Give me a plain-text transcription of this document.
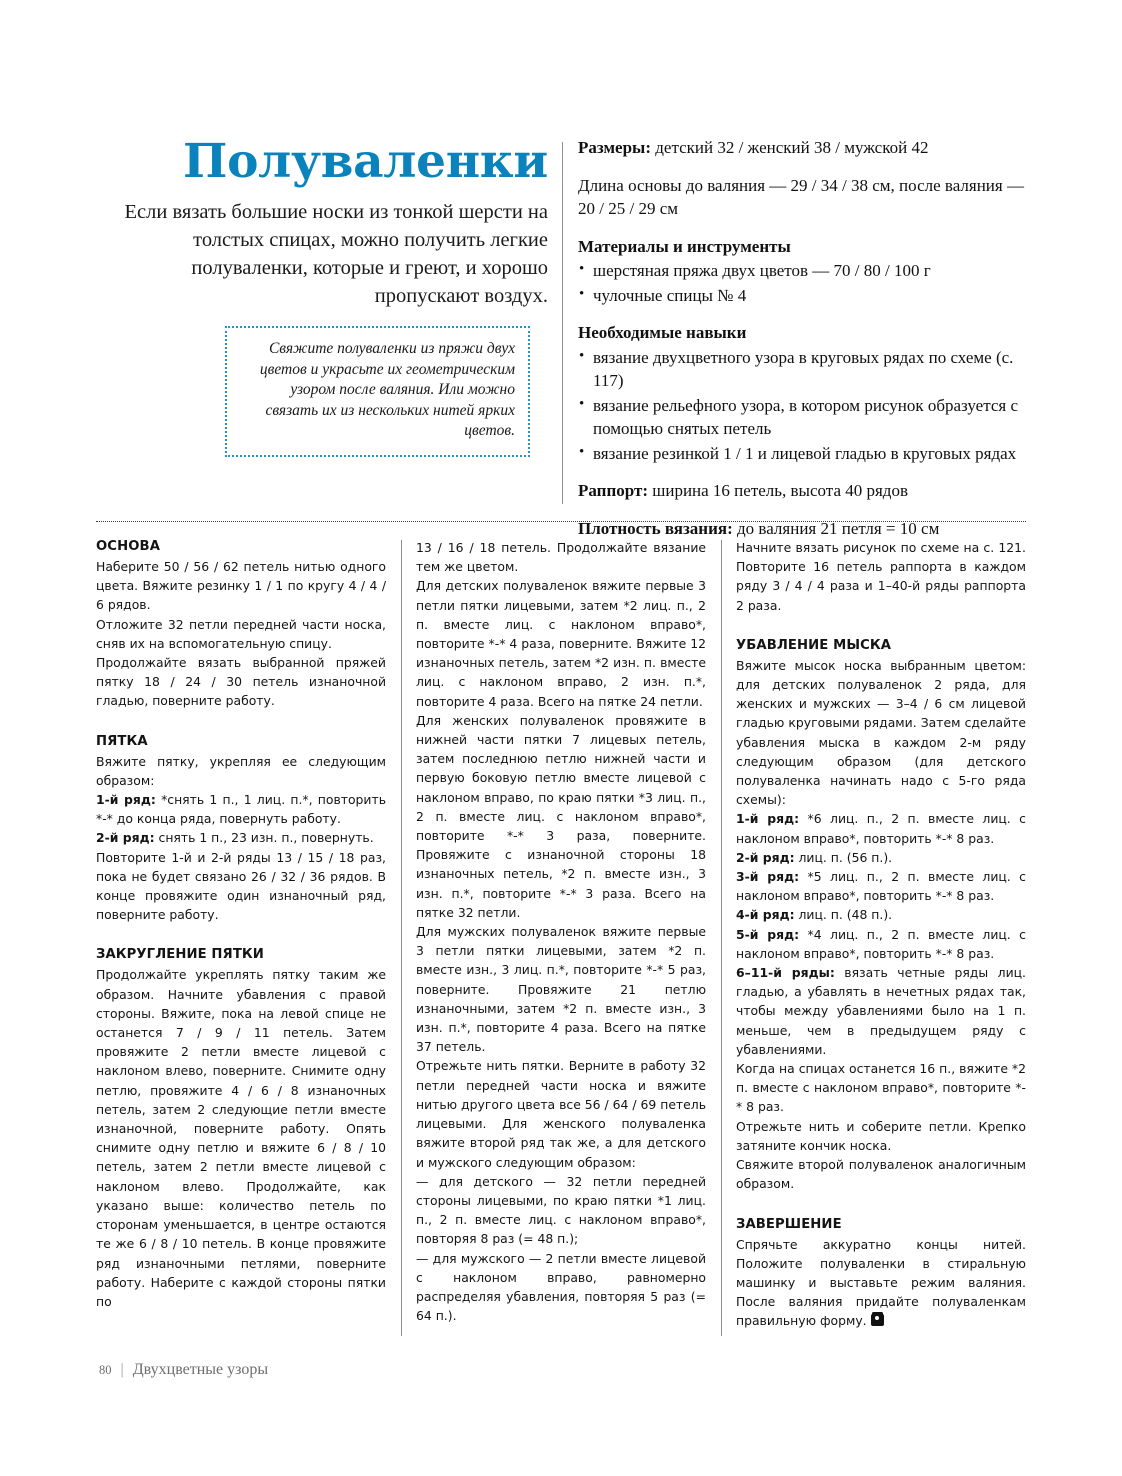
Полуваленки

Если вязать большие носки из тонкой шерсти на толстых спицах, можно получить легкие полуваленки, которые и греют, и хорошо пропускают воздух.

Свяжите полуваленки из пряжи двух цветов и украсьте их геометрическим узором после валяния. Или можно связать их из нескольких нитей ярких цветов.

Размеры: детский 32 / женский 38 / мужской 42

Длина основы до валяния — 29 / 34 / 38 см, после валяния — 20 / 25 / 29 см

Материалы и инструменты

• шерстяная пряжа двух цветов — 70 / 80 / 100 г
• чулочные спицы № 4

Необходимые навыки

• вязание двухцветного узора в круговых рядах по схеме (с. 117)
• вязание рельефного узора, в котором рисунок образуется с помощью снятых петель
• вязание резинкой 1 / 1 и лицевой гладью в круговых рядах

Раппорт: ширина 16 петель, высота 40 рядов

Плотность вязания: до валяния 21 петля = 10 см

ОСНОВА

Наберите 50 / 56 / 62 петель нитью одного цвета. Вяжите резинку 1 / 1 по кругу 4 / 4 / 6 рядов.

Отложите 32 петли передней части носка, сняв их на вспомогательную спицу.

Продолжайте вязать выбранной пряжей пятку 18 / 24 / 30 петель изнаночной гладью, поверните работу.

ПЯТКА

Вяжите пятку, укрепляя ее следующим образом:

1-й ряд: *снять 1 п., 1 лиц. п.*, повторить *-* до конца ряда, повернуть работу.

2-й ряд: снять 1 п., 23 изн. п., повернуть.

Повторите 1-й и 2-й ряды 13 / 15 / 18 раз, пока не будет связано 26 / 32 / 36 рядов. В конце провяжите один изнаночный ряд, поверните работу.

ЗАКРУГЛЕНИЕ ПЯТКИ

Продолжайте укреплять пятку таким же образом. Начните убавления с правой стороны. Вяжите, пока на левой спице не останется 7 / 9 / 11 петель. Затем провяжите 2 петли вместе лицевой с наклоном влево, поверните. Снимите одну петлю, провяжите 4 / 6 / 8 изнаночных петель, затем 2 следующие петли вместе изнаночной, поверните работу. Опять снимите одну петлю и вяжите 6 / 8 / 10 петель, затем 2 петли вместе лицевой с наклоном влево. Продолжайте, как указано выше: количество петель по сторонам уменьшается, в центре остаются те же 6 / 8 / 10 петель. В конце провяжите ряд изнаночными петлями, поверните работу. Наберите с каждой стороны пятки по

13 / 16 / 18 петель. Продолжайте вязание тем же цветом.

Для детских полуваленок вяжите первые 3 петли пятки лицевыми, затем *2 лиц. п., 2 п. вместе лиц. с наклоном вправо*, повторите *-* 4 раза, поверните. Вяжите 12 изнаночных петель, затем *2 изн. п. вместе лиц. с наклоном вправо, 2 изн. п.*, повторите 4 раза. Всего на пятке 24 петли.

Для женских полуваленок провяжите в нижней части пятки 7 лицевых петель, затем последнюю петлю нижней части и первую боковую петлю вместе лицевой с наклоном вправо, по краю пятки *3 лиц. п., 2 п. вместе лиц. с наклоном вправо*, повторите *-* 3 раза, поверните. Провяжите с изнаночной стороны 18 изнаночных петель, *2 п. вместе изн., 3 изн. п.*, повторите *-* 3 раза. Всего на пятке 32 петли.

Для мужских полуваленок вяжите первые 3 петли пятки лицевыми, затем *2 п. вместе изн., 3 лиц. п.*, повторите *-* 5 раз, поверните. Провяжите 21 петлю изнаночными, затем *2 п. вместе изн., 3 изн. п.*, повторите 4 раза. Всего на пятке 37 петель.

Отрежьте нить пятки. Верните в работу 32 петли передней части носка и вяжите нитью другого цвета все 56 / 64 / 69 петель лицевыми. Для женского полуваленка вяжите второй ряд так же, а для детского и мужского следующим образом:

— для детского — 32 петли передней стороны лицевыми, по краю пятки *1 лиц. п., 2 п. вместе лиц. с наклоном вправо*, повторяя 8 раз (= 48 п.);

— для мужского — 2 петли вместе лицевой с наклоном вправо, равномерно распределяя убавления, повторяя 5 раз (= 64 п.).

Начните вязать рисунок по схеме на с. 121. Повторите 16 петель раппорта в каждом ряду 3 / 4 / 4 раза и 1–40-й ряды раппорта 2 раза.

УБАВЛЕНИЕ МЫСКА

Вяжите мысок носка выбранным цветом: для детских полуваленок 2 ряда, для женских и мужских — 3–4 / 6 см лицевой гладью круговыми рядами. Затем сделайте убавления мыска в каждом 2-м ряду следующим образом (для детского полуваленка начинать надо с 5-го ряда схемы):

1-й ряд: *6 лиц. п., 2 п. вместе лиц. с наклоном вправо*, повторить *-* 8 раз.

2-й ряд: лиц. п. (56 п.).

3-й ряд: *5 лиц. п., 2 п. вместе лиц. с наклоном вправо*, повторить *-* 8 раз.

4-й ряд: лиц. п. (48 п.).

5-й ряд: *4 лиц. п., 2 п. вместе лиц. с наклоном вправо*, повторить *-* 8 раз.

6–11-й ряды: вязать четные ряды лиц. гладью, а убавлять в нечетных рядах так, чтобы между убавлениями было на 1 п. меньше, чем в предыдущем ряду с убавлениями.

Когда на спицах останется 16 п., вяжите *2 п. вместе с наклоном вправо*, повторите *-* 8 раз.

Отрежьте нить и соберите петли. Крепко затяните кончик носка.

Свяжите второй полуваленок аналогичным образом.

ЗАВЕРШЕНИЕ

Спрячьте аккуратно концы нитей. Положите полуваленки в стиральную машинку и выставьте режим валяния. После валяния придайте полуваленкам правильную форму.

80 | Двухцветные узоры
